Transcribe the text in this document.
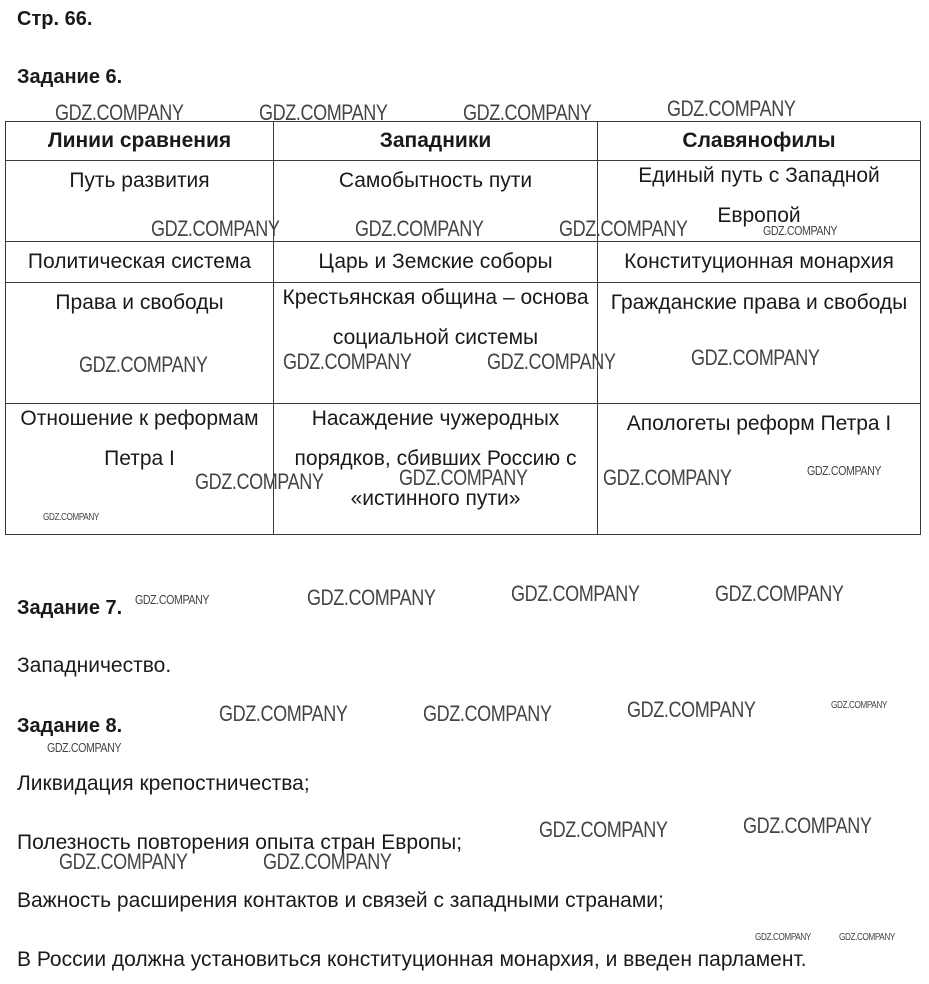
Стр. 66.
Задание 6.
Линии сравнения	Западники	Славянофилы
Путь развития	Самобытность пути	Единый путь с Западной Европой
Политическая система	Царь и Земские соборы	Конституционная монархия
Права и свободы	Крестьянская община – основа социальной системы	Гражданские права и свободы
Отношение к реформам Петра I	Насаждение чужеродных порядков, сбивших Россию с «истинного пути»	Апологеты реформ Петра I
Задание 7.

Западничество.

Задание 8.

Ликвидация крепостничества;

Полезность повторения опыта стран Европы;

Важность расширения контактов и связей с западными странами;

В России должна установиться конституционная монархия, и введен парламент.

GDZ.COMPANY	GDZ.COMPANY	GDZ.COMPANY	GDZ.COMPANY
GDZ.COMPANY	GDZ.COMPANY	GDZ.COMPANY	GDZ.COMPANY
GDZ.COMPANY	GDZ.COMPANY	GDZ.COMPANY	GDZ.COMPANY
GDZ.COMPANY	GDZ.COMPANY	GDZ.COMPANY	GDZ.COMPANY
GDZ.COMPANY
GDZ.COMPANY	GDZ.COMPANY	GDZ.COMPANY	GDZ.COMPANY
GDZ.COMPANY	GDZ.COMPANY	GDZ.COMPANY	GDZ.COMPANY
GDZ.COMPANY
GDZ.COMPANY	GDZ.COMPANY
GDZ.COMPANY	GDZ.COMPANY
GDZ.COMPANY	GDZ.COMPANY
